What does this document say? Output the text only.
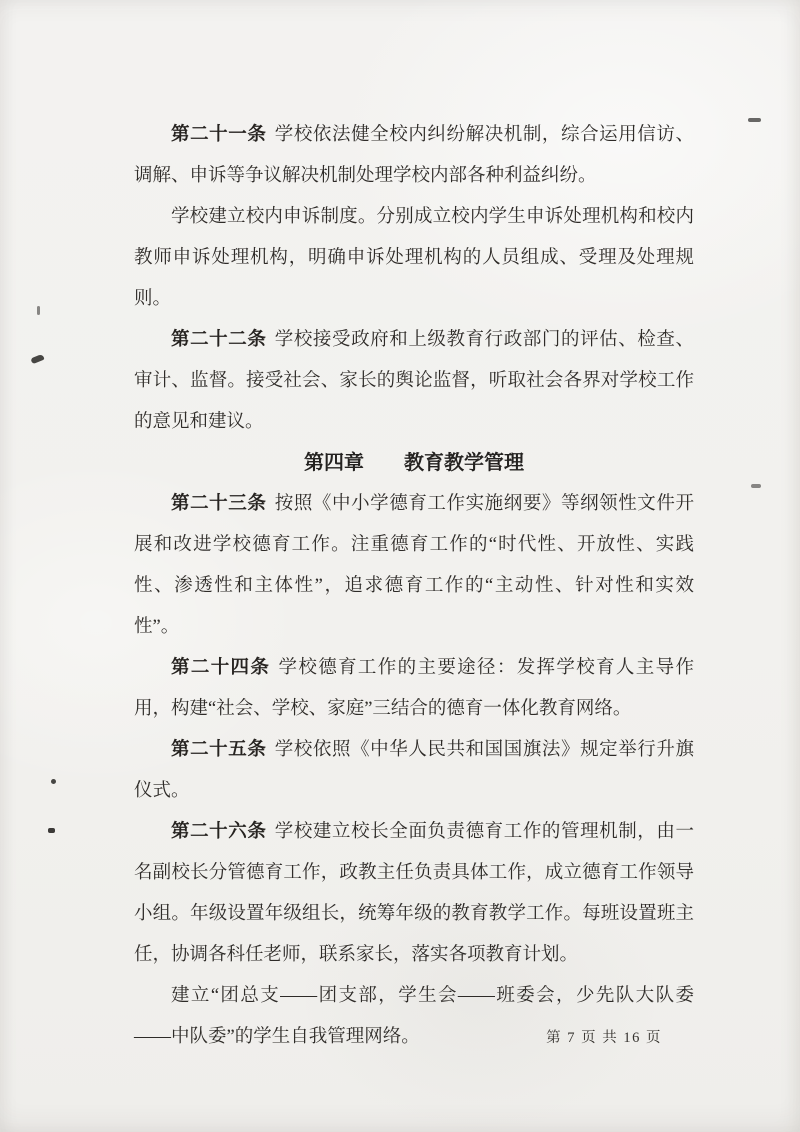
第二十一条 学校依法健全校内纠纷解决机制，综合运用信访、调解、申诉等争议解决机制处理学校内部各种利益纠纷。

学校建立校内申诉制度。分别成立校内学生申诉处理机构和校内教师申诉处理机构，明确申诉处理机构的人员组成、受理及处理规则。

第二十二条 学校接受政府和上级教育行政部门的评估、检查、审计、监督。接受社会、家长的舆论监督，听取社会各界对学校工作的意见和建议。

第四章 教育教学管理

第二十三条 按照《中小学德育工作实施纲要》等纲领性文件开展和改进学校德育工作。注重德育工作的“时代性、开放性、实践性、渗透性和主体性”，追求德育工作的“主动性、针对性和实效性”。

第二十四条 学校德育工作的主要途径：发挥学校育人主导作用，构建“社会、学校、家庭”三结合的德育一体化教育网络。

第二十五条 学校依照《中华人民共和国国旗法》规定举行升旗仪式。

第二十六条 学校建立校长全面负责德育工作的管理机制，由一名副校长分管德育工作，政教主任负责具体工作，成立德育工作领导小组。年级设置年级组长，统筹年级的教育教学工作。每班设置班主任，协调各科任老师，联系家长，落实各项教育计划。

建立“团总支——团支部，学生会——班委会，少先队大队委——中队委”的学生自我管理网络。	第 7 页 共 16 页
